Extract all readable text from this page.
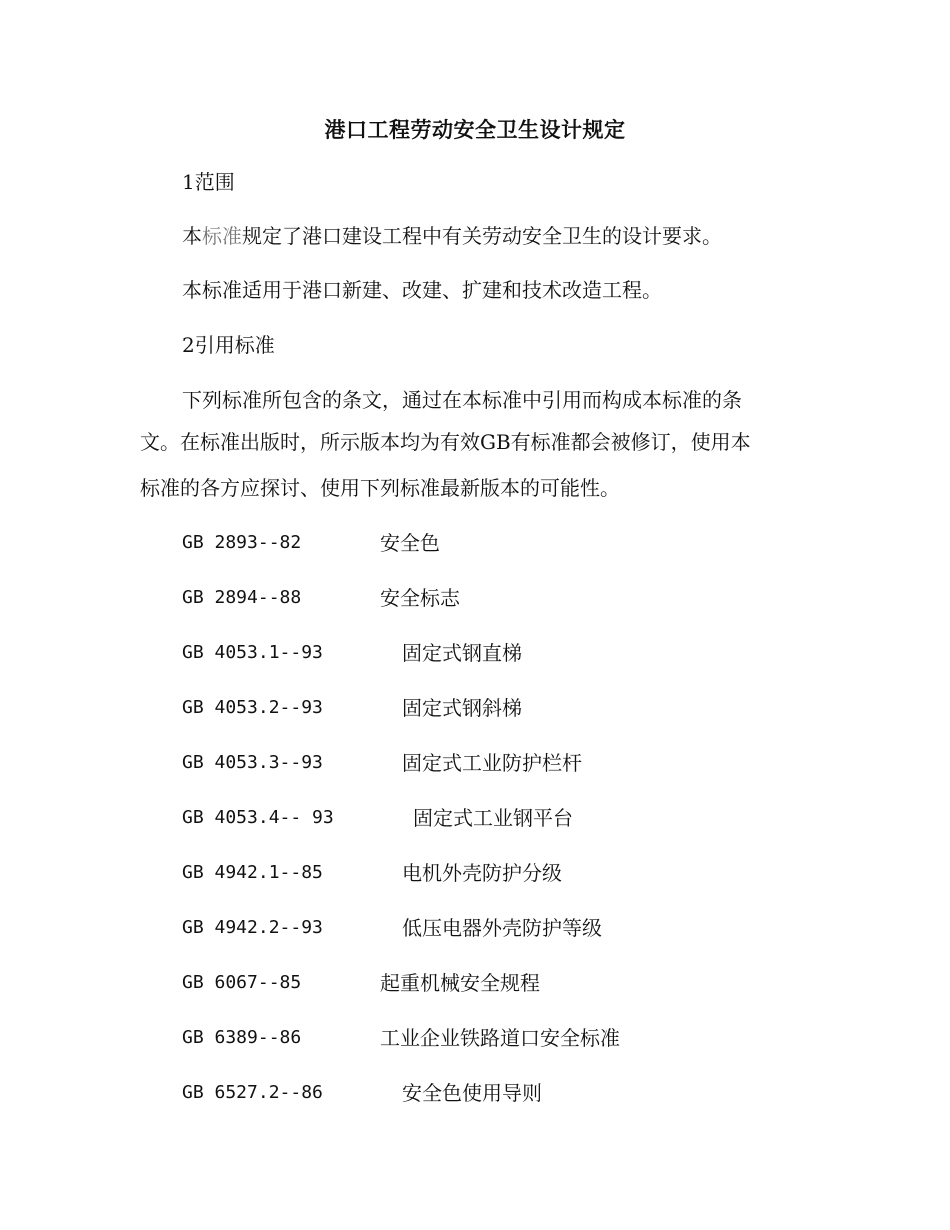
港口工程劳动安全卫生设计规定
1范围
本标准规定了港口建设工程中有关劳动安全卫生的设计要求。
本标准适用于港口新建、改建、扩建和技术改造工程。
2引用标准
下列标准所包含的条文，通过在本标准中引用而构成本标准的条
文。在标准出版时，所示版本均为有效GB有标准都会被修订，使用本
标准的各方应探讨、使用下列标准最新版本的可能性。
GB 2893--82	安全色
GB 2894--88	安全标志
GB 4053.1--93	固定式钢直梯
GB 4053.2--93	固定式钢斜梯
GB 4053.3--93	固定式工业防护栏杆
GB 4053.4-- 93	固定式工业钢平台
GB 4942.1--85	电机外壳防护分级
GB 4942.2--93	低压电器外壳防护等级
GB 6067--85	起重机械安全规程
GB 6389--86	工业企业铁路道口安全标准
GB 6527.2--86	安全色使用导则
